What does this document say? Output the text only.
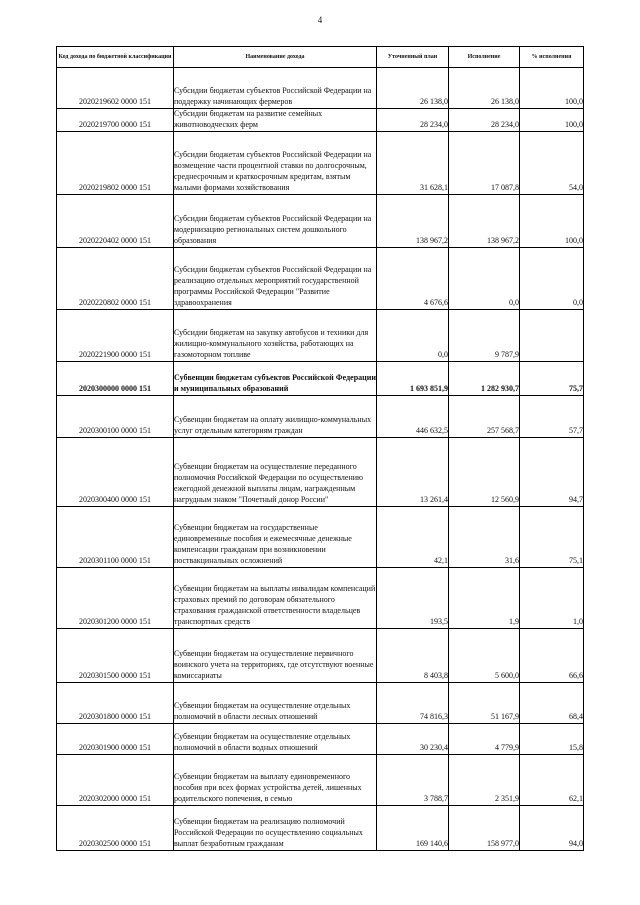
4
Код дохода по бюджетной классификации	Наименование дохода	Уточненный план	Исполнение	% исполнения
2020219602 0000 151	Субсидии бюджетам субъектов Российской Федерации на поддержку начинающих фермеров	26 138,0	26 138,0	100,0
2020219700 0000 151	Субсидии бюджетам на развитие семейных животноводческих ферм	28 234,0	28 234,0	100,0
2020219802 0000 151	Субсидии бюджетам субъектов Российской Федерации на возмещение части процентной ставки по долгосрочным, среднесрочным и краткосрочным кредитам, взятым малыми формами хозяйствования	31 628,1	17 087,8	54,0
2020220402 0000 151	Субсидии бюджетам субъектов Российской Федерации на модернизацию региональных систем дошкольного образования	138 967,2	138 967,2	100,0
2020220802 0000 151	Субсидии бюджетам субъектов Российской Федерации на реализацию отдельных мероприятий государственной программы Российской Федерации "Развитие здравоохранения	4 676,6	0,0	0,0
2020221900 0000 151	Субсидии бюджетам на закупку автобусов и техники для жилищно-коммунального хозяйства, работающих на газомоторном топливе	0,0	9 787,9	
2020300000 0000 151	Субвенции бюджетам субъектов Российской Федерации и муниципальных образований	1 693 851,9	1 282 930,7	75,7
2020300100 0000 151	Субвенции бюджетам на оплату жилищно-коммунальных услуг отдельным категориям граждан	446 632,5	257 568,7	57,7
2020300400 0000 151	Субвенции бюджетам на осуществление переданного полномочия Российской Федерации по осуществлению ежегодной денежной выплаты лицам, награжденным нагрудным знаком "Почетный донор России"	13 261,4	12 560,9	94,7
2020301100 0000 151	Субвенции бюджетам на государственные единовременные пособия и ежемесячные денежные компенсации гражданам при возникновении поствакцинальных осложнений	42,1	31,6	75,1
2020301200 0000 151	Субвенции бюджетам на выплаты инвалидам компенсаций страховых премий по договорам обязательного страхования гражданской ответственности владельцев транспортных средств	193,5	1,9	1,0
2020301500 0000 151	Субвенции бюджетам на осуществление первичного воинского учета на территориях, где отсутствуют военные комиссариаты	8 403,8	5 600,0	66,6
2020301800 0000 151	Субвенции бюджетам на осуществление отдельных полномочий в области лесных отношений	74 816,3	51 167,9	68,4
2020301900 0000 151	Субвенции бюджетам на осуществление отдельных полномочий в области водных отношений	30 230,4	4 779,9	15,8
2020302000 0000 151	Субвенции бюджетам на выплату единовременного пособия при всех формах устройства детей, лишенных родительского попечения, в семью	3 788,7	2 351,9	62,1
2020302500 0000 151	Субвенции бюджетам на реализацию полномочий Российской Федерации по осуществлению социальных выплат безработным гражданам	169 140,6	158 977,0	94,0
